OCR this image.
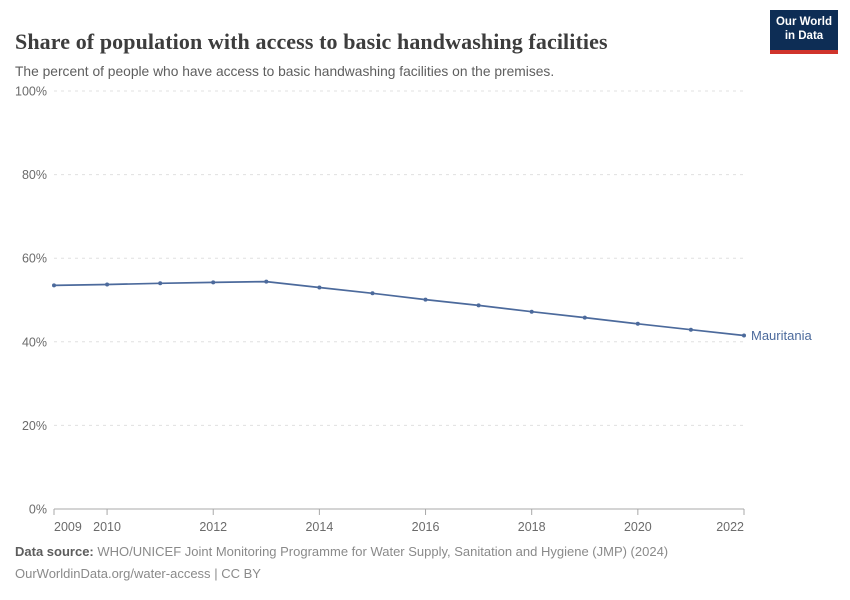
Share of population with access to basic handwashing facilities

The percent of people who have access to basic handwashing facilities on the premises.

Our World
in Data
0%
20%
40%
60%
80%
100%
2009 2010	2012	2014	2016	2018	2020	2022
Mauritania
Data source: WHO/UNICEF Joint Monitoring Programme for Water Supply, Sanitation and Hygiene (JMP) (2024)
OurWorldinData.org/water-access | CC BY
